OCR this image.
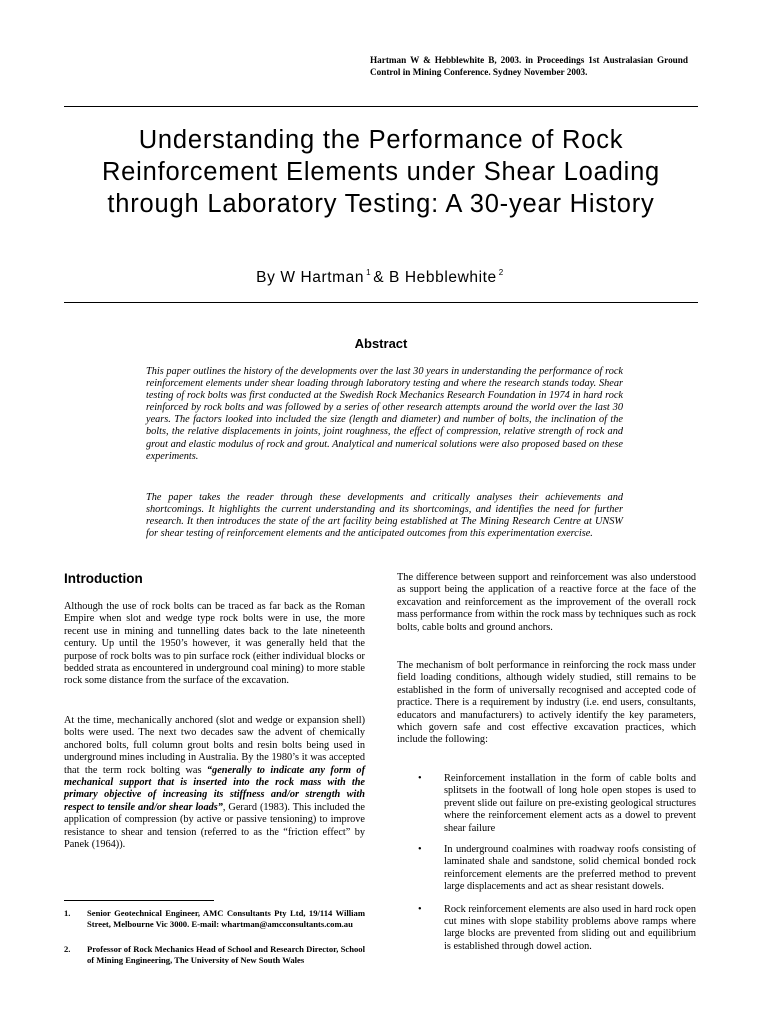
Hartman W & Hebblewhite B, 2003. in Proceedings 1st Australasian Ground Control in Mining Conference. Sydney November 2003.
Understanding the Performance of Rock Reinforcement Elements under Shear Loading through Laboratory Testing: A 30-year History
By W Hartman $^1$ & B Hebblewhite $^2$
Abstract

This paper outlines the history of the developments over the last 30 years in understanding the performance of rock reinforcement elements under shear loading through laboratory testing and where the research stands today. Shear testing of rock bolts was first conducted at the Swedish Rock Mechanics Research Foundation in 1974 in hard rock reinforced by rock bolts and was followed by a series of other research attempts around the world over the last 30 years. The factors looked into included the size (length and diameter) and number of bolts, the inclination of the bolts, the relative displacements in joints, joint roughness, the effect of compression, relative strength of rock and grout and elastic modulus of rock and grout. Analytical and numerical solutions were also proposed based on these experiments.

The paper takes the reader through these developments and critically analyses their achievements and shortcomings. It highlights the current understanding and its shortcomings, and identifies the need for further research. It then introduces the state of the art facility being established at The Mining Research Centre at UNSW for shear testing of reinforcement elements and the anticipated outcomes from this experimentation exercise.

Introduction

Although the use of rock bolts can be traced as far back as the Roman Empire when slot and wedge type rock bolts were in use, the more recent use in mining and tunnelling dates back to the late nineteenth century. Up until the 1950’s however, it was generally held that the purpose of rock bolts was to pin surface rock (either individual blocks or bedded strata as encountered in underground coal mining) to more stable rock some distance from the surface of the excavation.

At the time, mechanically anchored (slot and wedge or expansion shell) bolts were used. The next two decades saw the advent of chemically anchored bolts, full column grout bolts and resin bolts being used in underground mines including in Australia. By the 1980’s it was accepted that the term rock bolting was “generally to indicate any form of mechanical support that is inserted into the rock mass with the primary objective of increasing its stiffness and/or strength with respect to tensile and/or shear loads”, Gerard (1983). This included the application of compression (by active or passive tensioning) to improve resistance to shear and tension (referred to as the “friction effect” by Panek (1964)).

1. Senior Geotechnical Engineer, AMC Consultants Pty Ltd, 19/114 William Street, Melbourne Vic 3000. E-mail: whartman@amcconsultants.com.au
2. Professor of Rock Mechanics Head of School and Research Director, School of Mining Engineering, The University of New South Wales

The difference between support and reinforcement was also understood as support being the application of a reactive force at the face of the excavation and reinforcement as the improvement of the overall rock mass performance from within the rock mass by techniques such as rock bolts, cable bolts and ground anchors.

The mechanism of bolt performance in reinforcing the rock mass under field loading conditions, although widely studied, still remains to be established in the form of universally recognised and accepted code of practice. There is a requirement by industry (i.e. end users, consultants, educators and manufacturers) to actively identify the key parameters, which govern safe and cost effective excavation practices, which include the following:

• Reinforcement installation in the form of cable bolts and splitsets in the footwall of long hole open stopes is used to prevent slide out failure on pre-existing geological structures where the reinforcement element acts as a dowel to prevent shear failure
• In underground coalmines with roadway roofs consisting of laminated shale and sandstone, solid chemical bonded rock reinforcement elements are the preferred method to prevent large displacements and act as shear resistant dowels.
• Rock reinforcement elements are also used in hard rock open cut mines with slope stability problems above ramps where large blocks are prevented from sliding out and equilibrium is established through dowel action.
